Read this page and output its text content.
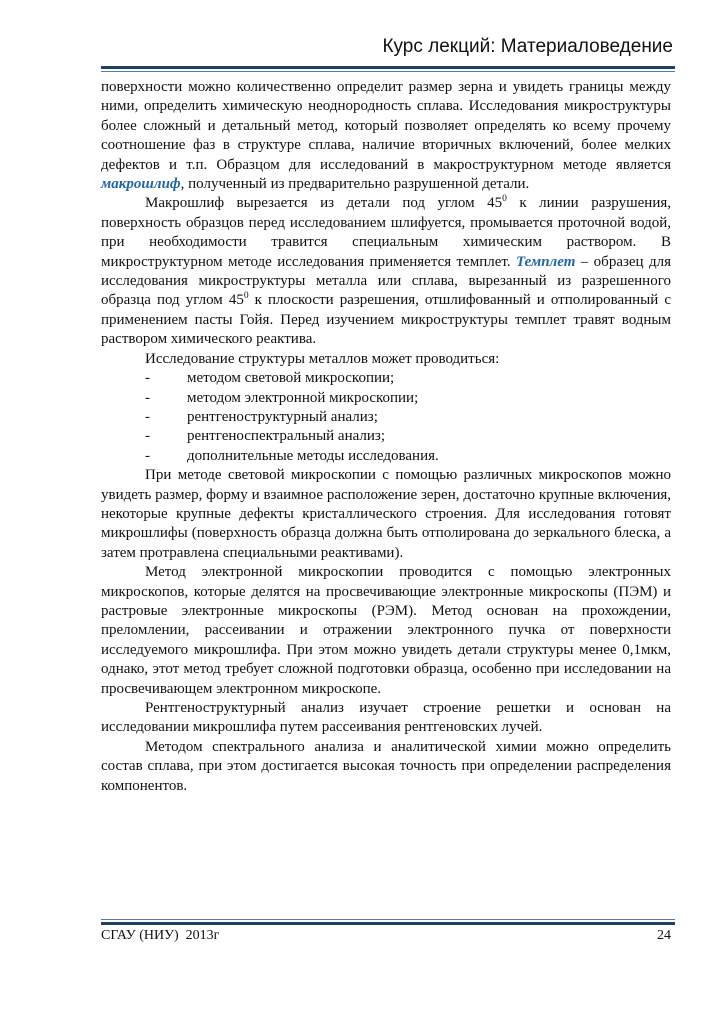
Курс лекций: Материаловедение

поверхности можно количественно определит размер зерна и увидеть границы между ними, определить химическую неоднородность сплава. Исследования микроструктуры более сложный и детальный метод, который позволяет определять ко всему прочему соотношение фаз в структуре сплава, наличие вторичных включений, более мелких дефектов и т.п. Образцом для исследований в макроструктурном методе является макрошлиф, полученный из предварительно разрушенной детали.

Макрошлиф вырезается из детали под углом $45^0$ к линии разрушения, поверхность образцов перед исследованием шлифуется, промывается проточной водой, при необходимости травится специальным химическим раствором. В микроструктурном методе исследования применяется темплет. Темплет – образец для исследования микроструктуры металла или сплава, вырезанный из разрешенного образца под углом $45^0$ к плоскости разрешения, отшлифованный и отполированный с применением пасты Гойя. Перед изучением микроструктуры темплет травят водным раствором химического реактива.

Исследование структуры металлов может проводиться:

- методом световой микроскопии;
- методом электронной микроскопии;
- рентгеноструктурный анализ;
- рентгеноспектральный анализ;
- дополнительные методы исследования.

При методе световой микроскопии с помощью различных микроскопов можно увидеть размер, форму и взаимное расположение зерен, достаточно крупные включения, некоторые крупные дефекты кристаллического строения. Для исследования готовят микрошлифы (поверхность образца должна быть отполирована до зеркального блеска, а затем протравлена специальными реактивами).

Метод электронной микроскопии проводится с помощью электронных микроскопов, которые делятся на просвечивающие электронные микроскопы (ПЭМ) и растровые электронные микроскопы (РЭМ). Метод основан на прохождении, преломлении, рассеивании и отражении электронного пучка от поверхности исследуемого микрошлифа. При этом можно увидеть детали структуры менее 0,1мкм, однако, этот метод требует сложной подготовки образца, особенно при исследовании на просвечивающем электронном микроскопе.

Рентгеноструктурный анализ изучает строение решетки и основан на исследовании микрошлифа путем рассеивания рентгеновских лучей.

Методом спектрального анализа и аналитической химии можно определить состав сплава, при этом достигается высокая точность при определении распределения компонентов.

СГАУ (НИУ)  2013г	24
